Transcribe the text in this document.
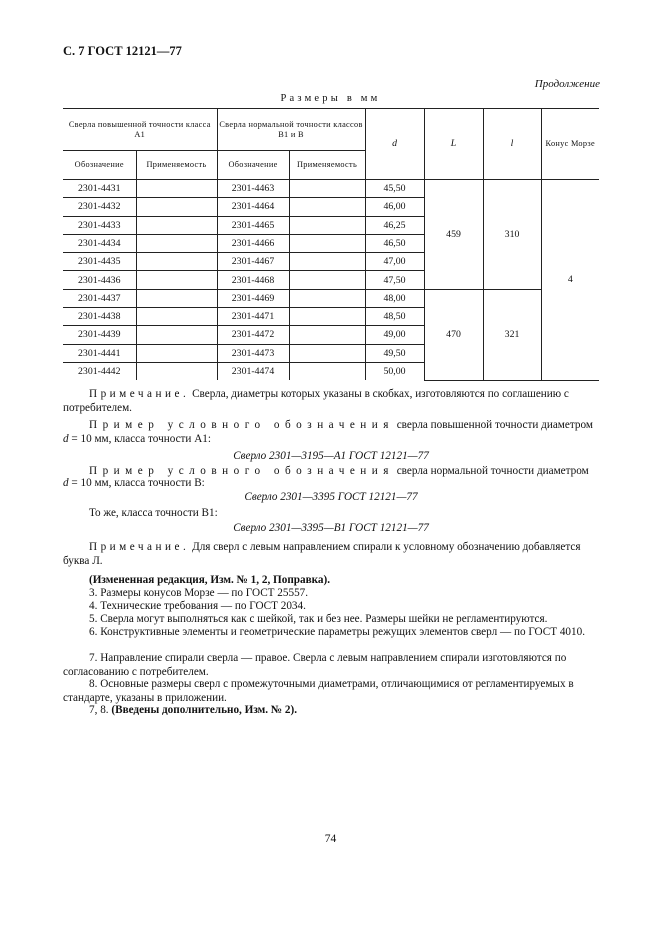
С. 7 ГОСТ 12121—77
Продолжение
Размеры в мм
Сверла повышенной точности класса А1		Сверла нормальной точности классов В1 и В		d	L	l	Конус Морзе
Обозначение	Применяемость	Обозначение	Применяемость				
2301-4431		2301-4463		45,50	459	310	4
2301-4432		2301-4464		46,00			
2301-4433		2301-4465		46,25			
2301-4434		2301-4466		46,50			
2301-4435		2301-4467		47,00			
2301-4436		2301-4468		47,50			
2301-4437		2301-4469		48,00	470	321	
2301-4438		2301-4471		48,50			
2301-4439		2301-4472		49,00			
2301-4441		2301-4473		49,50			
2301-4442		2301-4474		50,00			
Примечание. Сверла, диаметры которых указаны в скобках, изготовляются по соглашению с потребителем.
Пример условного обозначения сверла повышенной точности диаметром
d = 10 мм, класса точности А1:
Сверло 2301—3195—А1 ГОСТ 12121—77
Пример условного обозначения сверла нормальной точности диаметром
d = 10 мм, класса точности В:
Сверло 2301—3395 ГОСТ 12121—77
То же, класса точности В1:
Сверло 2301—3395—В1 ГОСТ 12121—77
Примечание. Для сверл с левым направлением спирали к условному обозначению добавляется буква Л.
(Измененная редакция, Изм. № 1, 2, Поправка).
3. Размеры конусов Морзе — по ГОСТ 25557.
4. Технические требования — по ГОСТ 2034.
5. Сверла могут выполняться как с шейкой, так и без нее. Размеры шейки не регламентируются.
6. Конструктивные элементы и геометрические параметры режущих элементов сверл — по ГОСТ 4010.
7. Направление спирали сверла — правое. Сверла с левым направлением спирали изготовляются по согласованию с потребителем.
8. Основные размеры сверл с промежуточными диаметрами, отличающимися от регламентируемых в стандарте, указаны в приложении.
7, 8. (Введены дополнительно, Изм. № 2).
74
